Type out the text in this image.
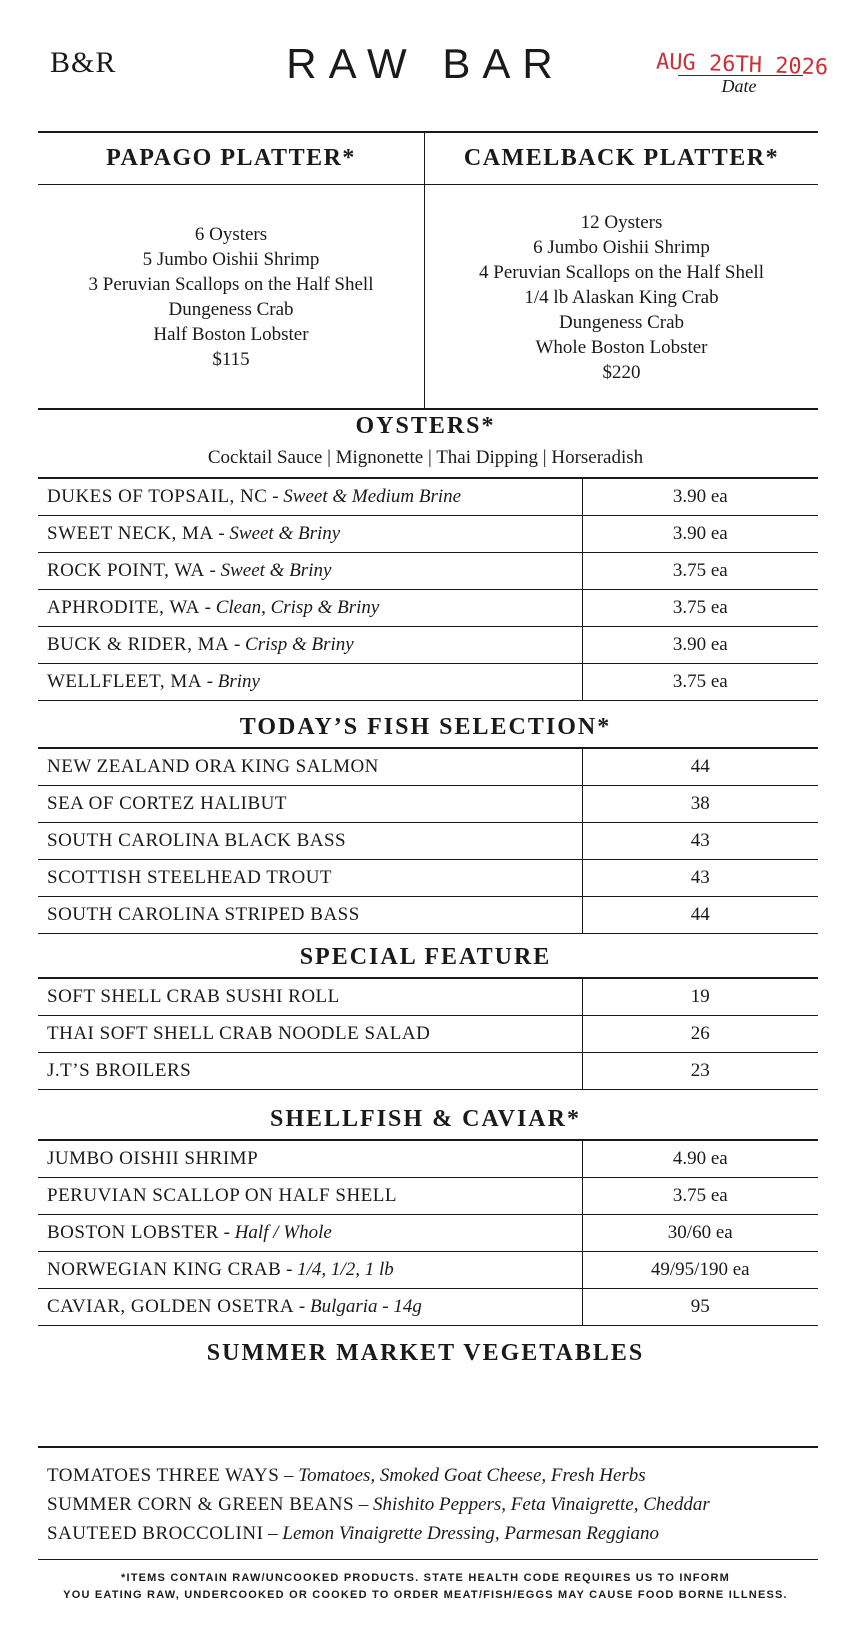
B&R	RAW BAR	AUG 26TH 2026
Date
PAPAGO PLATTER*
6 Oysters
5 Jumbo Oishii Shrimp
3 Peruvian Scallops on the Half Shell
Dungeness Crab
Half Boston Lobster
$115
CAMELBACK PLATTER*
12 Oysters
6 Jumbo Oishii Shrimp
4 Peruvian Scallops on the Half Shell
1/4 lb Alaskan King Crab
Dungeness Crab
Whole Boston Lobster
$220
OYSTERS*
Cocktail Sauce | Mignonette | Thai Dipping | Horseradish
DUKES OF TOPSAIL, NC - Sweet & Medium Brine	3.90 ea
SWEET NECK, MA - Sweet & Briny	3.90 ea
ROCK POINT, WA - Sweet & Briny	3.75 ea
APHRODITE, WA - Clean, Crisp & Briny	3.75 ea
BUCK & RIDER, MA - Crisp & Briny	3.90 ea
WELLFLEET, MA - Briny	3.75 ea
TODAY’S FISH SELECTION*
NEW ZEALAND ORA KING SALMON	44
SEA OF CORTEZ HALIBUT	38
SOUTH CAROLINA BLACK BASS	43
SCOTTISH STEELHEAD TROUT	43
SOUTH CAROLINA STRIPED BASS	44
SPECIAL FEATURE
SOFT SHELL CRAB SUSHI ROLL	19
THAI SOFT SHELL CRAB NOODLE SALAD	26
J.T’S BROILERS	23
SHELLFISH & CAVIAR*
JUMBO OISHII SHRIMP	4.90 ea
PERUVIAN SCALLOP ON HALF SHELL	3.75 ea
BOSTON LOBSTER - Half / Whole	30/60 ea
NORWEGIAN KING CRAB - 1/4, 1/2, 1 lb	49/95/190 ea
CAVIAR, GOLDEN OSETRA - Bulgaria - 14g	95
SUMMER MARKET VEGETABLES
TOMATOES THREE WAYS – Tomatoes, Smoked Goat Cheese, Fresh Herbs
SUMMER CORN & GREEN BEANS – Shishito Peppers, Feta Vinaigrette, Cheddar
SAUTEED BROCCOLINI – Lemon Vinaigrette Dressing, Parmesan Reggiano
*ITEMS CONTAIN RAW/UNCOOKED PRODUCTS. STATE HEALTH CODE REQUIRES US TO INFORM
YOU EATING RAW, UNDERCOOKED OR COOKED TO ORDER MEAT/FISH/EGGS MAY CAUSE FOOD BORNE ILLNESS.
